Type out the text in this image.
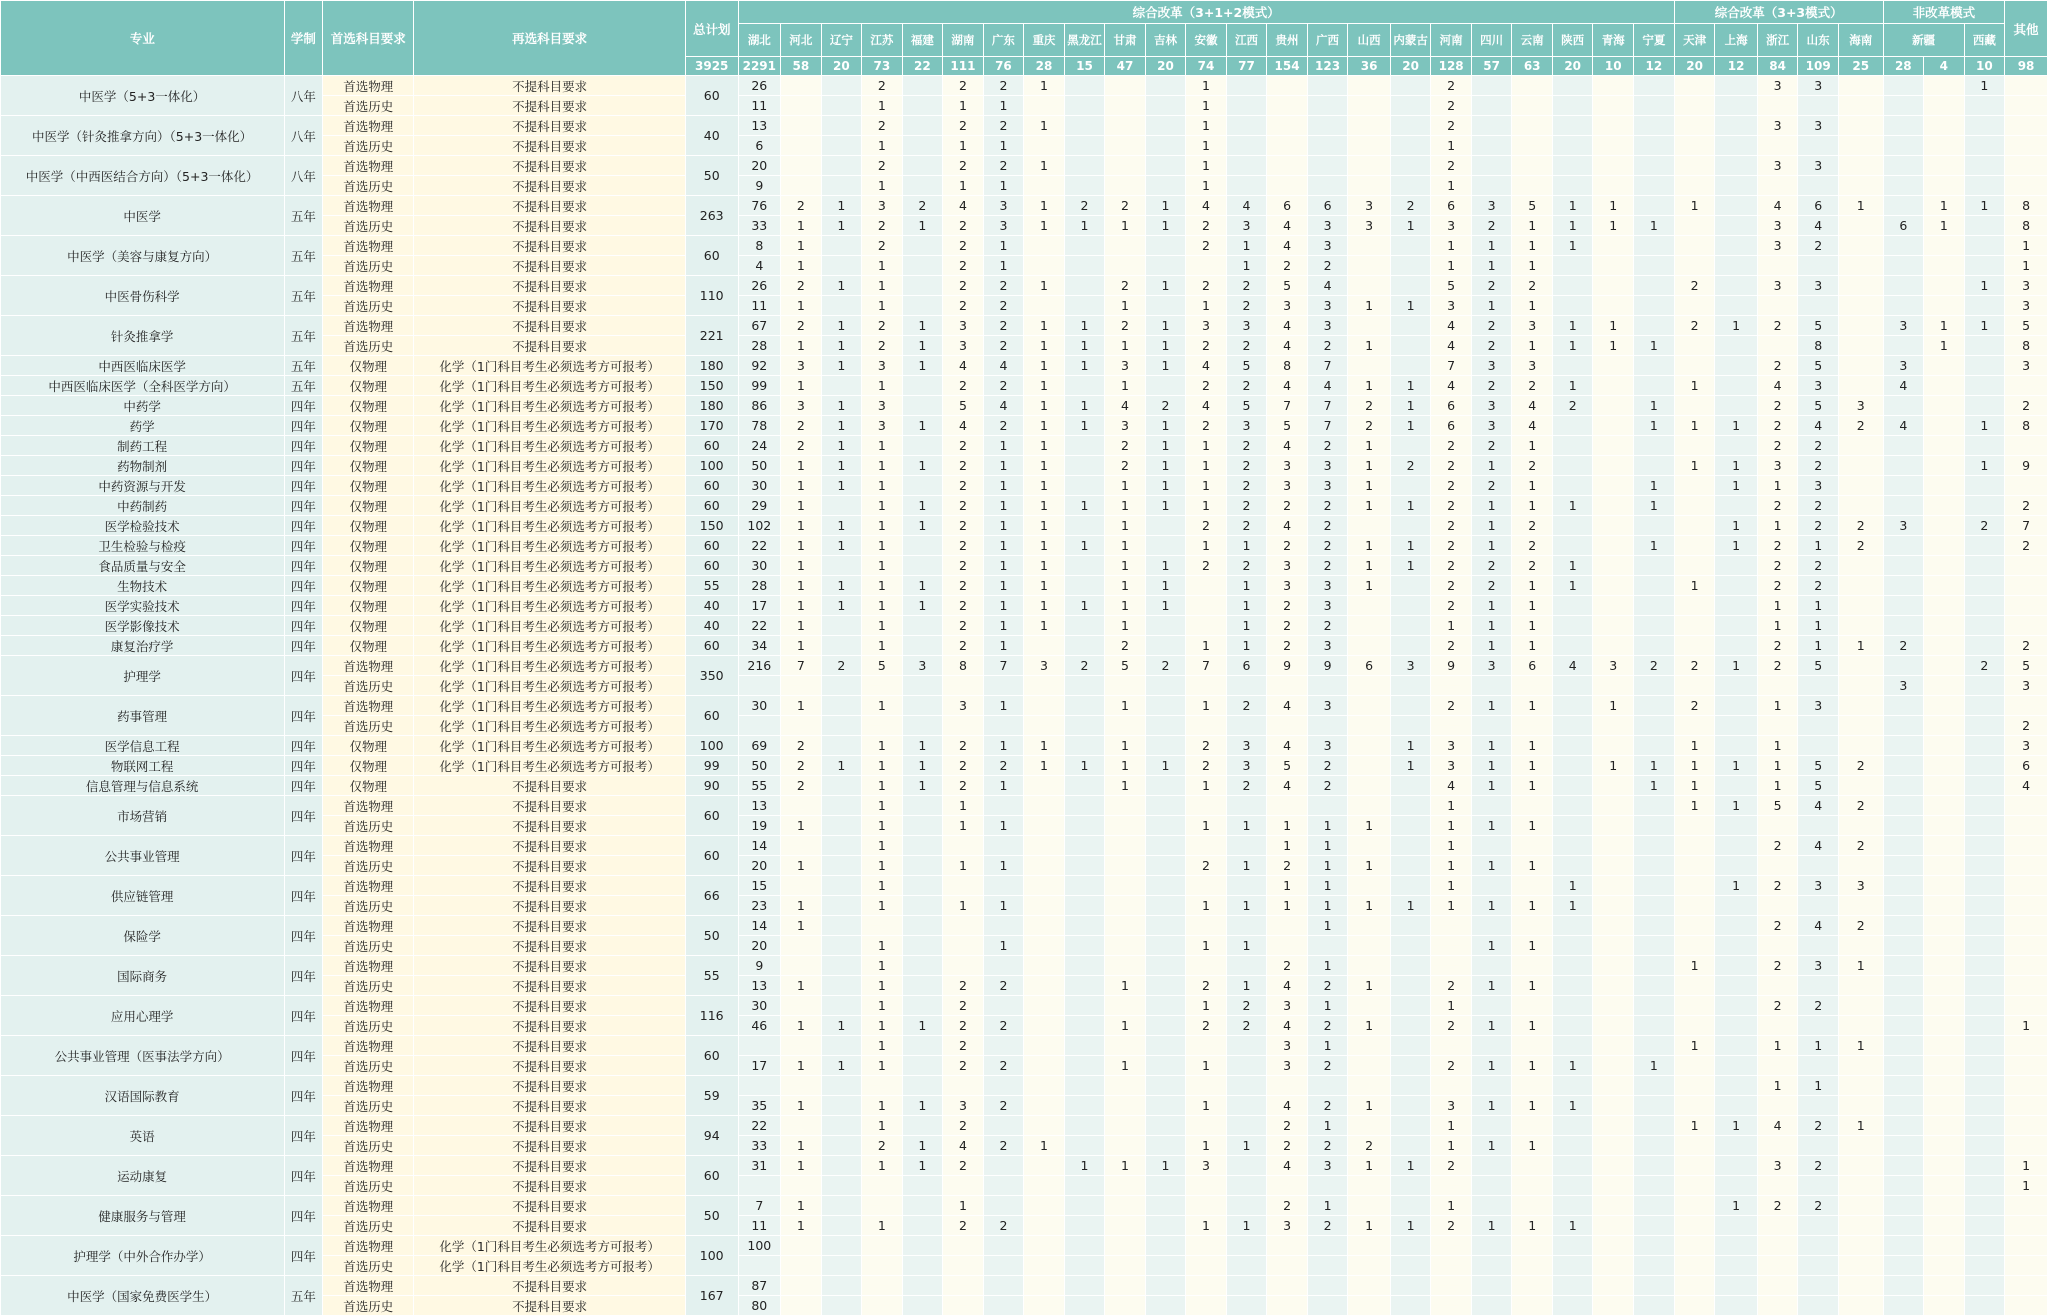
专业	学制	首选科目要求	再选科目要求	总计划	综合改革（3+1+2模式）																							综合改革（3+3模式）					非改革模式			其他
					湖北	河北	辽宁	江苏	福建	湖南	广东	重庆	黑龙江	甘肃	吉林	安徽	江西	贵州	广西	山西	内蒙古	河南	四川	云南	陕西	青海	宁夏	天津	上海	浙江	山东	海南	新疆		西藏	
				3925	2291	58	20	73	22	111	76	28	15	47	20	74	77	154	123	36	20	128	57	63	20	10	12	20	12	84	109	25	28	4	10	98
中医学（5+3一体化）	八年	首选物理	不提科目要求	60	26			2		2	2	1				1						2								3	3				1	
		首选历史	不提科目要求		11			1		1	1					1						2														
中医学（针灸推拿方向）（5+3一体化）	八年	首选物理	不提科目要求	40	13			2		2	2	1				1						2								3	3					
		首选历史	不提科目要求		6			1		1	1					1						1														
中医学（中西医结合方向）（5+3一体化）	八年	首选物理	不提科目要求	50	20			2		2	2	1				1						2								3	3					
		首选历史	不提科目要求		9			1		1	1					1						1														
中医学	五年	首选物理	不提科目要求	263	76	2	1	3	2	4	3	1	2	2	1	4	4	6	6	3	2	6	3	5	1	1		1		4	6	1		1	1	8
		首选历史	不提科目要求		33	1	1	2	1	2	3	1	1	1	1	2	3	4	3	3	1	3	2	1	1	1	1			3	4		6	1		8
中医学（美容与康复方向）	五年	首选物理	不提科目要求	60	8	1		2		2	1					2	1	4	3			1	1	1	1					3	2					1
		首选历史	不提科目要求		4	1		1		2	1						1	2	2			1	1	1												1
中医骨伤科学	五年	首选物理	不提科目要求	110	26	2	1	1		2	2	1		2	1	2	2	5	4			5	2	2				2		3	3				1	3
		首选历史	不提科目要求		11	1		1		2	2			1		1	2	3	3	1	1	3	1	1												3
针灸推拿学	五年	首选物理	不提科目要求	221	67	2	1	2	1	3	2	1	1	2	1	3	3	4	3			4	2	3	1	1		2	1	2	5		3	1	1	5
		首选历史	不提科目要求		28	1	1	2	1	3	2	1	1	1	1	2	2	4	2	1		4	2	1	1	1	1				8			1		8
中西医临床医学	五年	仅物理	化学（1门科目考生必须选考方可报考）	180	92	3	1	3	1	4	4	1	1	3	1	4	5	8	7			7	3	3						2	5		3			3
中西医临床医学（全科医学方向）	五年	仅物理	化学（1门科目考生必须选考方可报考）	150	99	1		1		2	2	1		1		2	2	4	4	1	1	4	2	2	1			1		4	3		4			
中药学	四年	仅物理	化学（1门科目考生必须选考方可报考）	180	86	3	1	3		5	4	1	1	4	2	4	5	7	7	2	1	6	3	4	2		1			2	5	3				2
药学	四年	仅物理	化学（1门科目考生必须选考方可报考）	170	78	2	1	3	1	4	2	1	1	3	1	2	3	5	7	2	1	6	3	4			1	1	1	2	4	2	4		1	8
制药工程	四年	仅物理	化学（1门科目考生必须选考方可报考）	60	24	2	1	1		2	1	1		2	1	1	2	4	2	1		2	2	1						2	2					
药物制剂	四年	仅物理	化学（1门科目考生必须选考方可报考）	100	50	1	1	1	1	2	1	1		2	1	1	2	3	3	1	2	2	1	2				1	1	3	2				1	9
中药资源与开发	四年	仅物理	化学（1门科目考生必须选考方可报考）	60	30	1	1	1		2	1	1		1	1	1	2	3	3	1		2	2	1			1		1	1	3					
中药制药	四年	仅物理	化学（1门科目考生必须选考方可报考）	60	29	1		1	1	2	1	1	1	1	1	1	2	2	2	1	1	2	1	1	1		1			2	2					2
医学检验技术	四年	仅物理	化学（1门科目考生必须选考方可报考）	150	102	1	1	1	1	2	1	1		1		2	2	4	2			2	1	2					1	1	2	2	3		2	7
卫生检验与检疫	四年	仅物理	化学（1门科目考生必须选考方可报考）	60	22	1	1	1		2	1	1	1	1		1	1	2	2	1	1	2	1	2			1		1	2	1	2				2
食品质量与安全	四年	仅物理	化学（1门科目考生必须选考方可报考）	60	30	1		1		2	1	1		1	1	2	2	3	2	1	1	2	2	2	1					2	2					
生物技术	四年	仅物理	化学（1门科目考生必须选考方可报考）	55	28	1	1	1	1	2	1	1		1	1		1	3	3	1		2	2	1	1			1		2	2					
医学实验技术	四年	仅物理	化学（1门科目考生必须选考方可报考）	40	17	1	1	1	1	2	1	1	1	1	1		1	2	3			2	1	1						1	1					
医学影像技术	四年	仅物理	化学（1门科目考生必须选考方可报考）	40	22	1		1		2	1	1		1			1	2	2			1	1	1						1	1					
康复治疗学	四年	仅物理	化学（1门科目考生必须选考方可报考）	60	34	1		1		2	1			2		1	1	2	3			2	1	1						2	1	1	2			2
护理学	四年	首选物理	化学（1门科目考生必须选考方可报考）	350	216	7	2	5	3	8	7	3	2	5	2	7	6	9	9	6	3	9	3	6	4	3	2	2	1	2	5				2	5
		首选历史	化学（1门科目考生必须选考方可报考）																														3			3
药事管理	四年	首选物理	化学（1门科目考生必须选考方可报考）	60	30	1		1		3	1			1		1	2	4	3			2	1	1		1		2		1	3					
		首选历史	化学（1门科目考生必须选考方可报考）																																	2
医学信息工程	四年	仅物理	化学（1门科目考生必须选考方可报考）	100	69	2		1	1	2	1	1		1		2	3	4	3		1	3	1	1				1		1						3
物联网工程	四年	仅物理	化学（1门科目考生必须选考方可报考）	99	50	2	1	1	1	2	2	1	1	1	1	2	3	5	2		1	3	1	1		1	1	1	1	1	5	2				6
信息管理与信息系统	四年	仅物理	不提科目要求	90	55	2		1	1	2	1			1		1	2	4	2			4	1	1			1	1		1	5					4
市场营销	四年	首选物理	不提科目要求	60	13			1		1												1						1	1	5	4	2				
		首选历史	不提科目要求		19	1		1		1	1					1	1	1	1	1		1	1	1												
公共事业管理	四年	首选物理	不提科目要求	60	14			1										1	1			1								2	4	2				
		首选历史	不提科目要求		20	1		1		1	1					2	1	2	1	1		1	1	1												
供应链管理	四年	首选物理	不提科目要求	66	15			1										1	1			1			1				1	2	3	3				
		首选历史	不提科目要求		23	1		1		1	1					1	1	1	1	1	1	1	1	1	1											
保险学	四年	首选物理	不提科目要求	50	14	1													1											2	4	2				
		首选历史	不提科目要求		20			1			1					1	1						1	1												
国际商务	四年	首选物理	不提科目要求	55	9			1										2	1									1		2	3	1				
		首选历史	不提科目要求		13	1		1		2	2			1		2	1	4	2	1		2	1	1												
应用心理学	四年	首选物理	不提科目要求	116	30			1		2						1	2	3	1			1								2	2					
		首选历史	不提科目要求		46	1	1	1	1	2	2			1		2	2	4	2	1		2	1	1												1
公共事业管理（医事法学方向）	四年	首选物理	不提科目要求	60				1		2								3	1									1		1	1	1				
		首选历史	不提科目要求		17	1	1	1		2	2			1		1		3	2			2	1	1	1		1									
汉语国际教育	四年	首选物理	不提科目要求	59																										1	1					
		首选历史	不提科目要求		35	1		1	1	3	2					1		4	2	1		3	1	1	1											
英语	四年	首选物理	不提科目要求	94	22			1		2								2	1			1						1	1	4	2	1				
		首选历史	不提科目要求		33	1		2	1	4	2	1				1	1	2	2	2		1	1	1												
运动康复	四年	首选物理	不提科目要求	60	31	1		1	1	2			1	1	1	3		4	3	1	1	2								3	2					1
		首选历史	不提科目要求																																	1
健康服务与管理	四年	首选物理	不提科目要求	50	7	1				1								2	1			1							1	2	2					
		首选历史	不提科目要求		11	1		1		2	2					1	1	3	2	1	1	2	1	1	1											
护理学（中外合作办学）	四年	首选物理	化学（1门科目考生必须选考方可报考）	100	100																															
		首选历史	化学（1门科目考生必须选考方可报考）																																	
中医学（国家免费医学生）	五年	首选物理	不提科目要求	167	87																															
		首选历史	不提科目要求		80																															
